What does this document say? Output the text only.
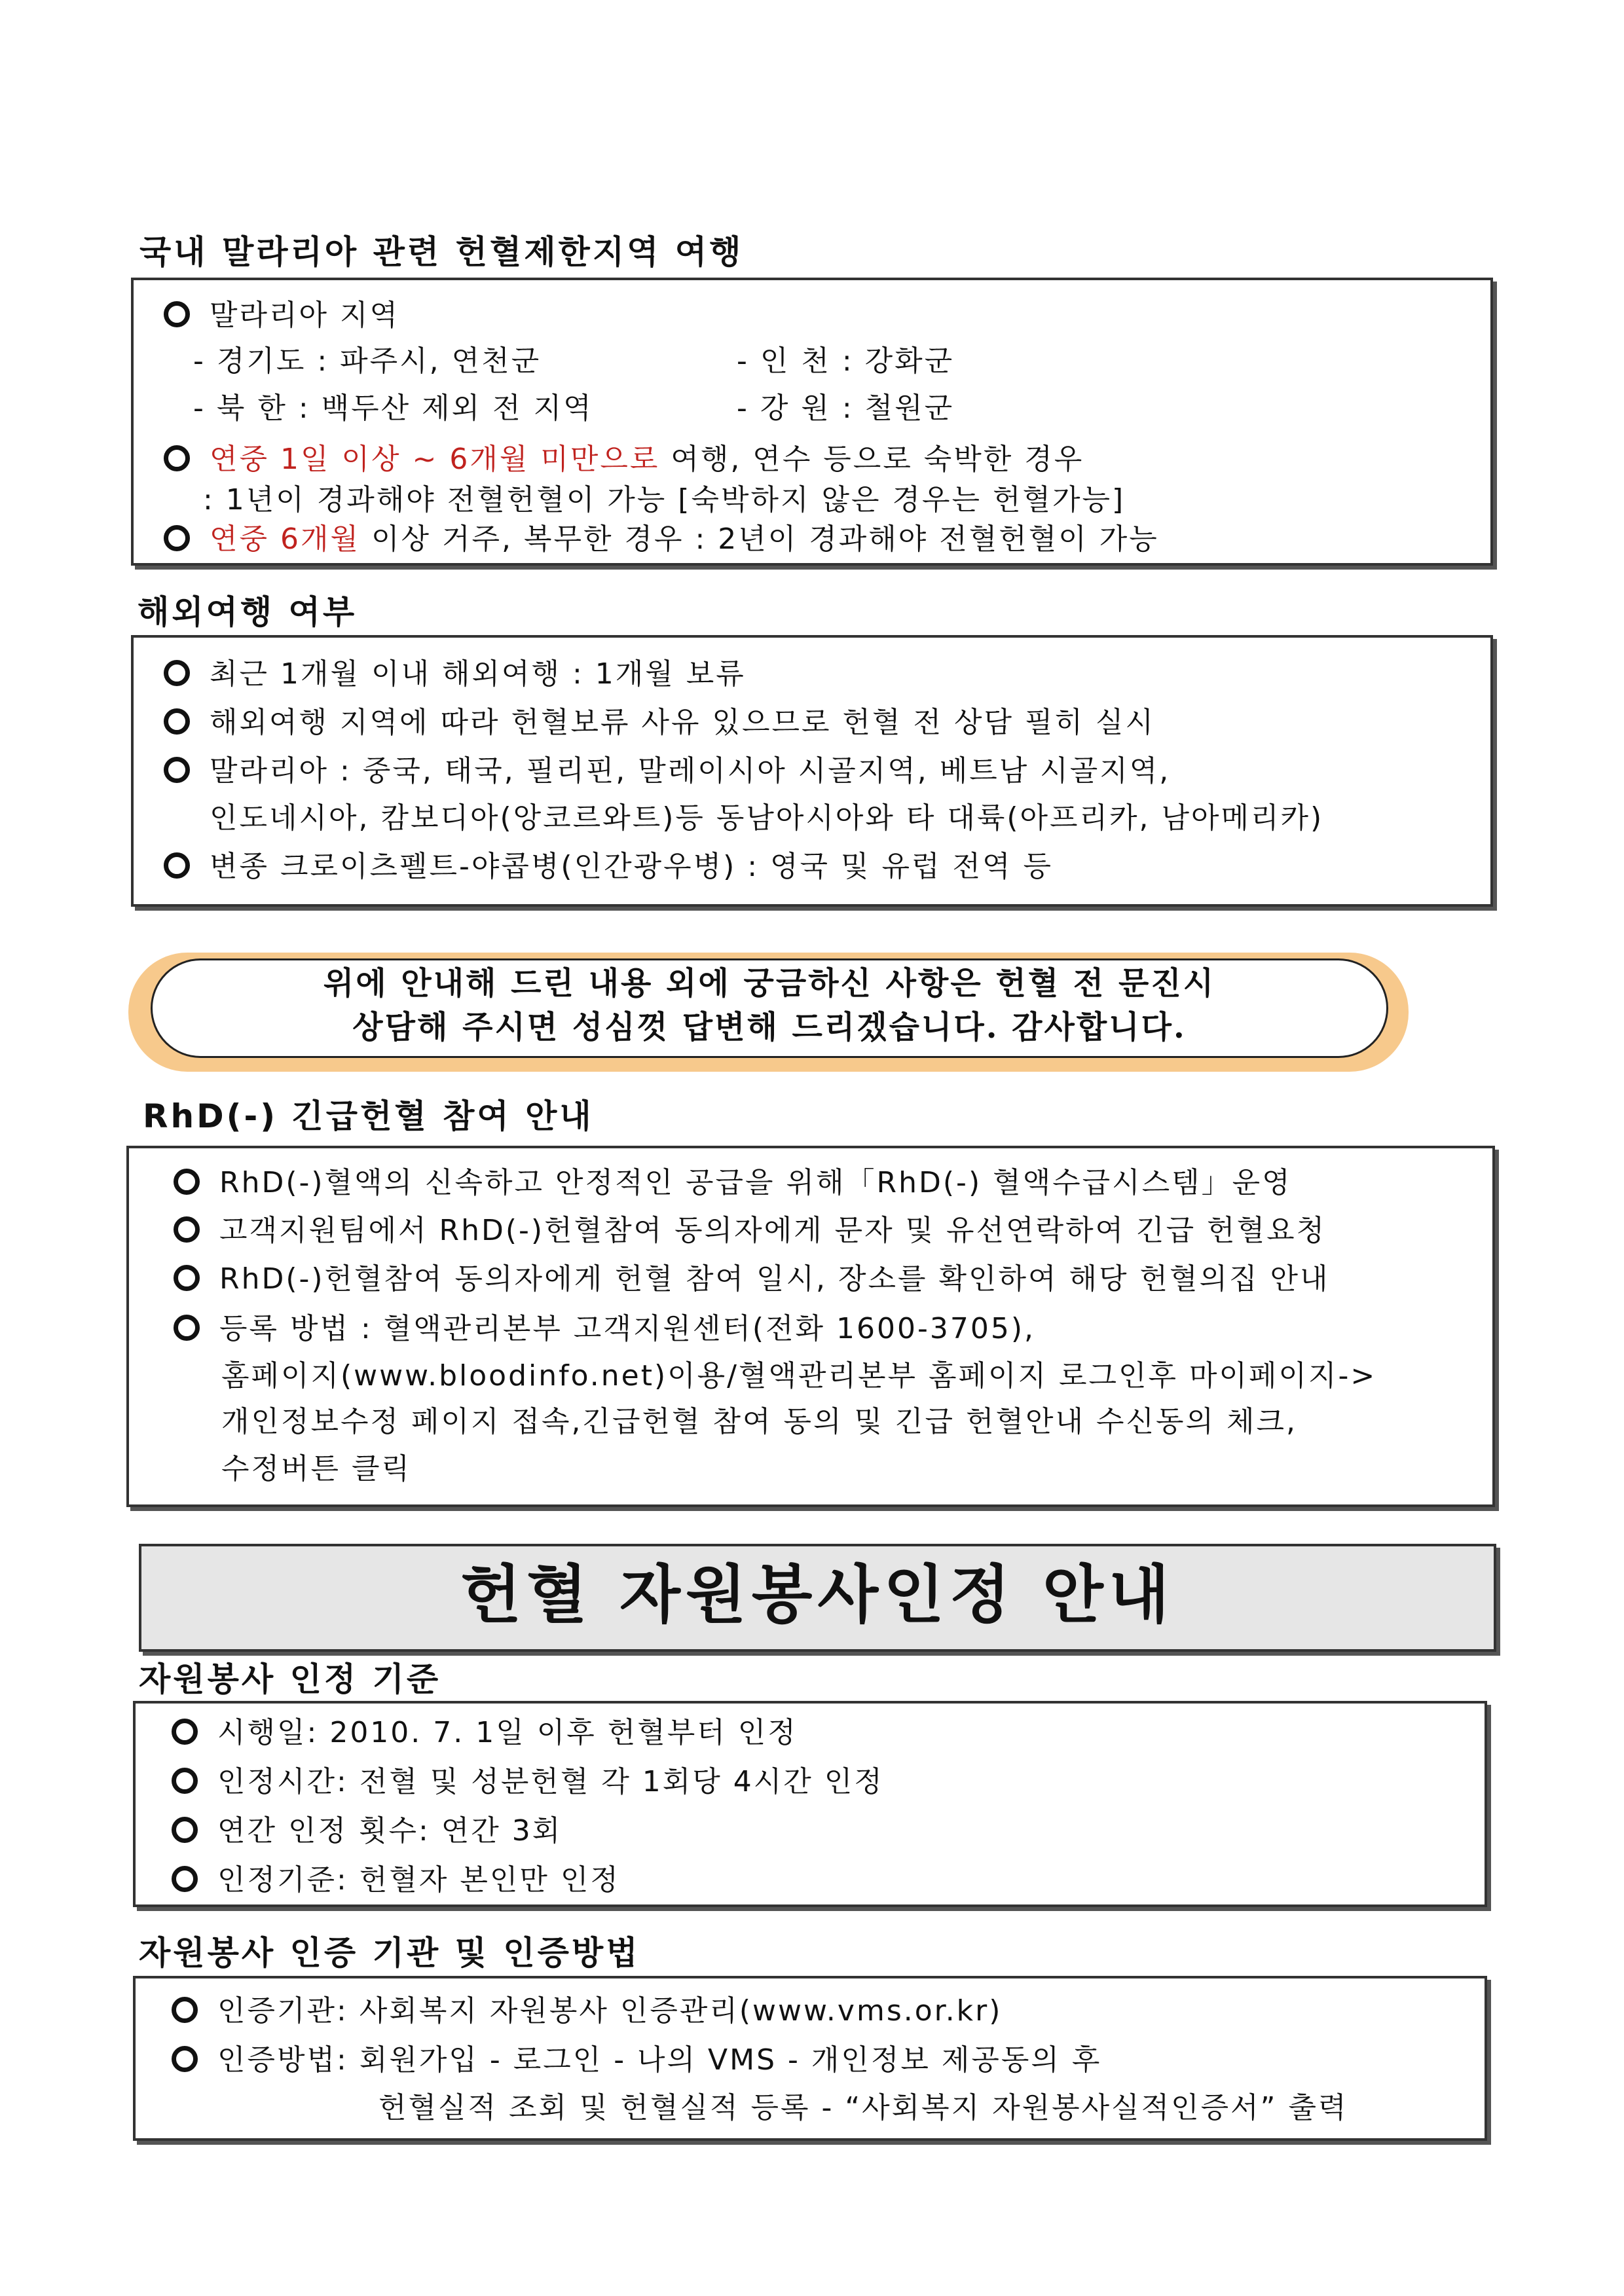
국내 말라리아 관련 헌혈제한지역 여행
말라리아 지역
- 경기도 : 파주시, 연천군	- 인 천 : 강화군
- 북 한 : 백두산 제외 전 지역	- 강 원 : 철원군
연중 1일 이상 ~ 6개월 미만으로 여행, 연수 등으로 숙박한 경우
: 1년이 경과해야 전혈헌혈이 가능 [숙박하지 않은 경우는 헌혈가능]
연중 6개월 이상 거주, 복무한 경우 : 2년이 경과해야 전혈헌혈이 가능
해외여행 여부
최근 1개월 이내 해외여행 : 1개월 보류
해외여행 지역에 따라 헌혈보류 사유 있으므로 헌혈 전 상담 필히 실시
말라리아 : 중국, 태국, 필리핀, 말레이시아 시골지역, 베트남 시골지역,
인도네시아, 캄보디아(앙코르와트)등 동남아시아와 타 대륙(아프리카, 남아메리카)
변종 크로이츠펠트-야콥병(인간광우병) : 영국 및 유럽 전역 등
위에 안내해 드린 내용 외에 궁금하신 사항은 헌혈 전 문진시
상담해 주시면 성심껏 답변해 드리겠습니다. 감사합니다.
RhD(-) 긴급헌혈 참여 안내
RhD(-)혈액의 신속하고 안정적인 공급을 위해「RhD(-) 혈액수급시스템」운영
고객지원팀에서 RhD(-)헌혈참여 동의자에게 문자 및 유선연락하여 긴급 헌혈요청
RhD(-)헌혈참여 동의자에게 헌혈 참여 일시, 장소를 확인하여 해당 헌혈의집 안내
등록 방법 : 혈액관리본부 고객지원센터(전화 1600-3705),
홈페이지(www.bloodinfo.net)이용/혈액관리본부 홈페이지 로그인후 마이페이지->
개인정보수정 페이지 접속,긴급헌혈 참여 동의 및 긴급 헌혈안내 수신동의 체크,
수정버튼 클릭
헌혈 자원봉사인정 안내
자원봉사 인정 기준
시행일: 2010. 7. 1일 이후 헌혈부터 인정
인정시간: 전혈 및 성분헌혈 각 1회당 4시간 인정
연간 인정 횟수: 연간 3회
인정기준: 헌혈자 본인만 인정
자원봉사 인증 기관 및 인증방법
인증기관: 사회복지 자원봉사 인증관리(www.vms.or.kr)
인증방법: 회원가입 - 로그인 - 나의 VMS - 개인정보 제공동의 후
헌혈실적 조회 및 헌혈실적 등록 - “사회복지 자원봉사실적인증서” 출력
